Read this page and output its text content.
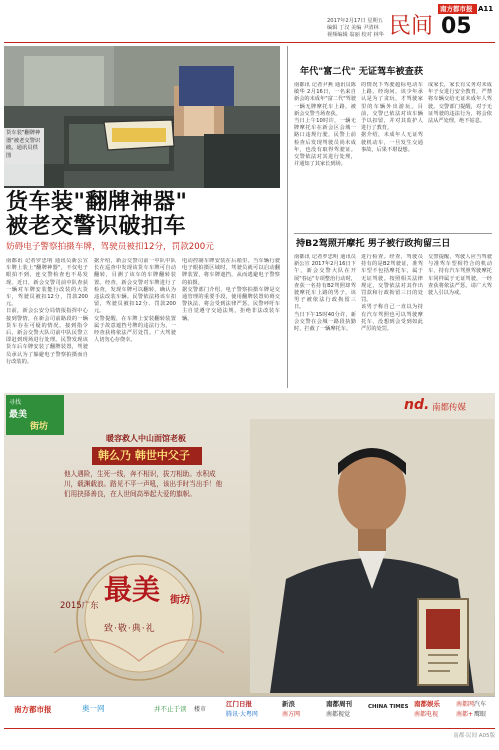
南方都市报 A11
2017年2月17日 星期五
编辑 丁汉 美编 尹清林
视频编辑 翁丽 校对 林华 民间 05
货车装"翻牌神器"被老交警识破。通讯员供图
货车装"翻牌神器"
被老交警识破扣车
妨碍电子警察拍摄车牌，驾驶员被扣12分，罚款200元
南都讯 记者罗忠明 通讯员新公宣 车牌上装上"翻牌神器"，不仅电子眼拍不到，连交警检查也不易发现。近日，新会交警司前中队查获一辆对车牌安装能行改装的大货车，驾驶员被扣12分，罚款200元。
日前，新会公安分局情报指挥中心接到警情，在新会司前路段的一辆货车存在可疑的情况。接到指令后，新会交警大队司前中队民警立即赶到现场进行处理。民警发现该货车后车牌安装了翻牌装置，驾驶员承认为了躲避电子警察拍摄而自行改装的。
据介绍，新会交警司前一中队中队长在巡查中发现该货车车牌可自动翻转，目测了该车的车牌翻转装置。经查，新会交警对车牌进行了检查，发现车牌可以翻转，确认为违法改装车辆。民警依法将该车扣留，驾驶员被扣12分、罚款200元。
交警提醒，在车牌上安装翻转装置属于故意遮挡号牌的违法行为，一经查获将依法严厉处罚。广大驾驶人切勿心存侥幸。
电动控制车牌安装在后箱里，当车辆行驶电子眼拍摄区域时，驾驶员就可以启动翻牌装置，将车牌遮挡，从而逃避电子警察的拍摄。
据交警部门介绍，电子警察拍摄车牌是交通管理的重要手段，使用翻牌装置妨碍交警执法，将会受到法律严惩。民警呼吁车主自觉遵守交通法规，拒绝非法改装车辆。
年代"富二代" 无证驾车被查获
南都讯 记者尹燕 通讯员陈敏华 2月16日，一名来自新会的未成年"富二代"驾驶一辆无牌摩托车上路，被新会交警当场查获。
当日上午10时许，一辆无牌摩托车在新会区会城一路口违规行驶，民警上前检查后发现驾驶员尚未成年，也没有取得驾驶证。交警依法对其进行处理，并通知了其家长到场。
的情况下驾驶超标电动车上路。经询问，该少年承认是为了贪玩，才驾驶家里的车辆外出游玩。目前，交警已依法对该车辆予以扣留，并对其监护人进行了教育。
据介绍，未成年人无证驾驶机动车，一旦发生交通事故，后果不堪设想。
成家长，家长有义务对未成年子女进行安全教育，严禁将车辆交给无证未成年人驾驶。交警部门提醒，对于无证驾驶的违法行为，将会依法从严处理，绝不姑息。
持B2驾照开摩托 男子被行政拘留三日
南都讯 记者罗忠明 通讯员新公宣 2017年2月16日下午，新会交警大队在开展"春运"专项整治行动时，查获一名持有B2驾照却驾驶摩托车上路的男子，该男子被依法行政拘留三日。
当日下午15时40分许，新会交警在会城一路段执勤时，拦截了一辆摩托车。
进行检查。经查，驾驶员持有的是B2驾驶证，准驾车型不包括摩托车，属于无证驾驶。按照相关法律规定，交警依法对其作出罚款和行政拘留三日的处罚。
该男子称自己一直以为持有汽车驾照也可以驾驶摩托车，没想到会受到如此严厉的处罚。
交警提醒，驾驶人应当驾驶与准驾车型相符合的机动车，持有汽车驾照驾驶摩托车同样属于无证驾驶，一经查获将依法严惩。请广大驾驶人引以为戒。
寻找
最美
街坊
nd. 南都传媒
暖容救人中山面馆老板
韩么乃 韩世中父子
他人遇险，生死一线，奔不相识，拔刀相助。水积成川，载渊载浪。路见不平一声吼，该出手时当出手！他们用抉择善良，在人世间高举起大爱的旗帜。
2015广东 最美 街坊
致·敬·典·礼
南方都市报	奥一网	并不止于读
江门日报
腾讯·大粤网
新浪
南方网
南都周刊	南都娱乐
南都视觉
CHINA TIMES
南都电视
南都网
南都+
汽车
鹰眼
楼市
南都·民间 A05版
